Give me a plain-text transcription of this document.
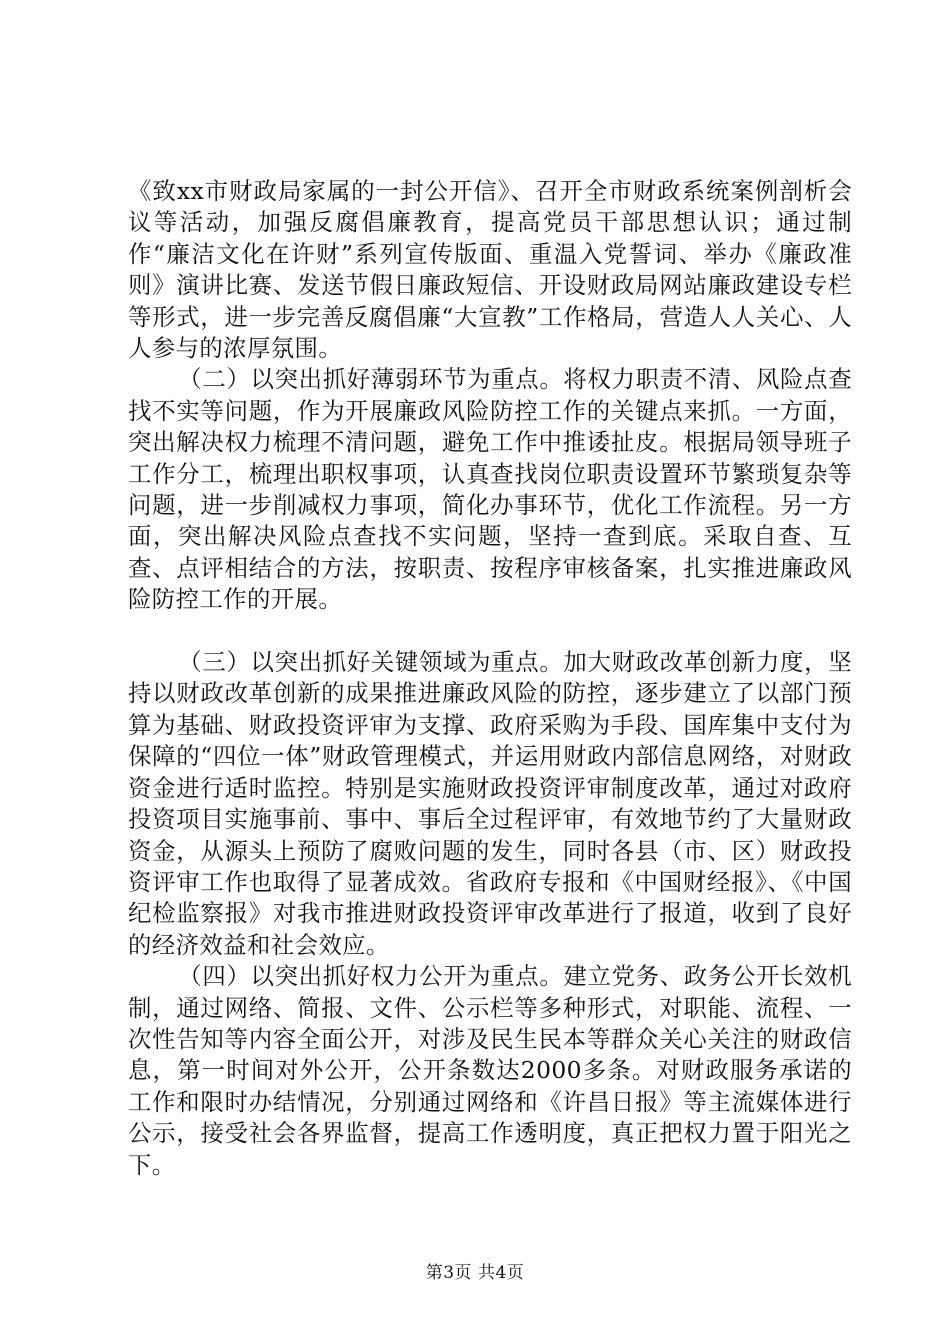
《致xx市财政局家属的一封公开信》、召开全市财政系统案例剖析会议等活动，加强反腐倡廉教育，提高党员干部思想认识；通过制作“廉洁文化在许财”系列宣传版面、重温入党誓词、举办《廉政准则》演讲比赛、发送节假日廉政短信、开设财政局网站廉政建设专栏等形式，进一步完善反腐倡廉“大宣教”工作格局，营造人人关心、人人参与的浓厚氛围。

（二）以突出抓好薄弱环节为重点。将权力职责不清、风险点查找不实等问题，作为开展廉政风险防控工作的关键点来抓。一方面，突出解决权力梳理不清问题，避免工作中推诿扯皮。根据局领导班子工作分工，梳理出职权事项，认真查找岗位职责设置环节繁琐复杂等问题，进一步削减权力事项，简化办事环节，优化工作流程。另一方面，突出解决风险点查找不实问题，坚持一查到底。采取自查、互查、点评相结合的方法，按职责、按程序审核备案，扎实推进廉政风险防控工作的开展。

（三）以突出抓好关键领域为重点。加大财政改革创新力度，坚持以财政改革创新的成果推进廉政风险的防控，逐步建立了以部门预算为基础、财政投资评审为支撑、政府采购为手段、国库集中支付为保障的“四位一体”财政管理模式，并运用财政内部信息网络，对财政资金进行适时监控。特别是实施财政投资评审制度改革，通过对政府投资项目实施事前、事中、事后全过程评审，有效地节约了大量财政资金，从源头上预防了腐败问题的发生，同时各县（市、区）财政投资评审工作也取得了显著成效。省政府专报和《中国财经报》、《中国纪检监察报》对我市推进财政投资评审改革进行了报道，收到了良好的经济效益和社会效应。

（四）以突出抓好权力公开为重点。建立党务、政务公开长效机制，通过网络、简报、文件、公示栏等多种形式，对职能、流程、一次性告知等内容全面公开，对涉及民生民本等群众关心关注的财政信息，第一时间对外公开，公开条数达2000多条。对财政服务承诺的工作和限时办结情况，分别通过网络和《许昌日报》等主流媒体进行公示，接受社会各界监督，提高工作透明度，真正把权力置于阳光之下。

第3页 共4页
